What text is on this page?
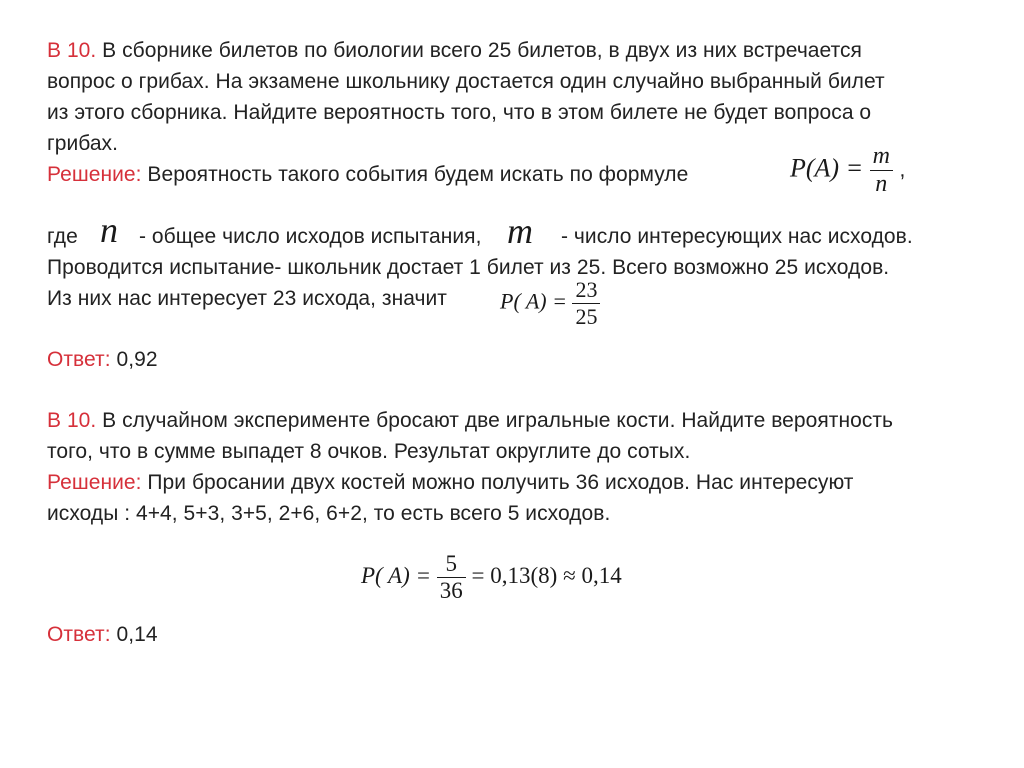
В 10. В сборнике билетов по биологии всего 25 билетов, в двух из них встречается
вопрос о грибах. На экзамене школьнику достается один случайно выбранный билет
из этого сборника. Найдите вероятность того, что в этом билете не будет вопроса о
грибах.
Решение: Вероятность такого события будем искать по формуле	$P(A) = \frac{m}{n}$ ,
где n - общее число исходов испытания, m - число интересующих нас исходов.
Проводится испытание- школьник достает 1 билет из 25. Всего возможно 25 исходов.
Из них нас интересует 23 исхода, значит P( $A) = \frac{23}{25}$
Ответ: 0,92
В 10. В случайном эксперименте бросают две игральные кости. Найдите вероятность
того, что в сумме выпадет 8 очков. Результат округлите до сотых.
Решение: При бросании двух костей можно получить 36 исходов. Нас интересуют
исходы : 4+4, 5+3, 3+5, 2+6, 6+2, то есть всего 5 исходов.
P( $A) = \frac{5}{36} = 0,13(8) \approx 0,14$
Ответ: 0,14
